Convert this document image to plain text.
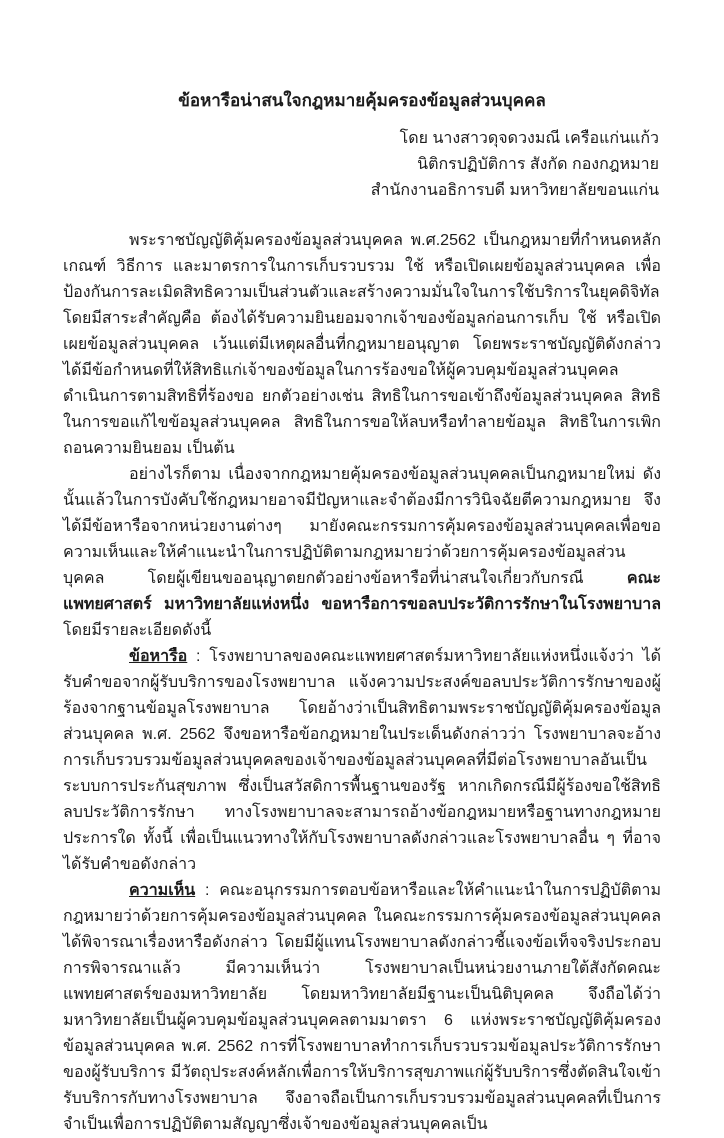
ข้อหารือน่าสนใจกฎหมายคุ้มครองข้อมูลส่วนบุคคล

โดย นางสาวดุจดวงมณี เครือแก่นแก้ว

นิติกรปฏิบัติการ สังกัด กองกฎหมาย

สำนักงานอธิการบดี มหาวิทยาลัยขอนแก่น

พระราชบัญญัติคุ้มครองข้อมูลส่วนบุคคล พ.ศ.2562 เป็นกฎหมายที่กำหนดหลักเกณฑ์ วิธีการ และมาตรการในการเก็บรวบรวม ใช้ หรือเปิดเผยข้อมูลส่วนบุคคล เพื่อป้องกันการละเมิดสิทธิความเป็นส่วนตัวและสร้างความมั่นใจในการใช้บริการในยุคดิจิทัล โดยมีสาระสำคัญคือ ต้องได้รับความยินยอมจากเจ้าของข้อมูลก่อนการเก็บ ใช้ หรือเปิดเผยข้อมูลส่วนบุคคล เว้นแต่มีเหตุผลอื่นที่กฎหมายอนุญาต โดยพระราชบัญญัติดังกล่าวได้มีข้อกำหนดที่ให้สิทธิแก่เจ้าของข้อมูลในการร้องขอให้ผู้ควบคุมข้อมูลส่วนบุคคลดำเนินการตามสิทธิที่ร้องขอ ยกตัวอย่างเช่น สิทธิในการขอเข้าถึงข้อมูลส่วนบุคคล สิทธิในการขอแก้ไขข้อมูลส่วนบุคคล สิทธิในการขอให้ลบหรือทำลายข้อมูล สิทธิในการเพิกถอนความยินยอม เป็นต้น

อย่างไรก็ตาม เนื่องจากกฎหมายคุ้มครองข้อมูลส่วนบุคคลเป็นกฎหมายใหม่ ดังนั้นแล้วในการบังคับใช้กฎหมายอาจมีปัญหาและจำต้องมีการวินิจฉัยตีความกฎหมาย จึงได้มีข้อหารือจากหน่วยงานต่างๆ มายังคณะกรรมการคุ้มครองข้อมูลส่วนบุคคลเพื่อขอความเห็นและให้คำแนะนำในการปฏิบัติตามกฎหมายว่าด้วยการคุ้มครองข้อมูลส่วนบุคคล โดยผู้เขียนขออนุญาตยกตัวอย่างข้อหารือที่น่าสนใจเกี่ยวกับกรณี	คณะแพทยศาสตร์ มหาวิทยาลัยแห่งหนึ่ง ขอหารือการขอลบประวัติการรักษาในโรงพยาบาล โดยมีรายละเอียดดังนี้

ข้อหารือ : โรงพยาบาลของคณะแพทยศาสตร์มหาวิทยาลัยแห่งหนึ่งแจ้งว่า ได้รับคำขอจากผู้รับบริการของโรงพยาบาล แจ้งความประสงค์ขอลบประวัติการรักษาของผู้ร้องจากฐานข้อมูลโรงพยาบาล โดยอ้างว่าเป็นสิทธิตามพระราชบัญญัติคุ้มครองข้อมูลส่วนบุคคล พ.ศ. 2562 จึงขอหารือข้อกฎหมายในประเด็นดังกล่าวว่า โรงพยาบาลจะอ้างการเก็บรวบรวมข้อมูลส่วนบุคคลของเจ้าของข้อมูลส่วนบุคคลที่มีต่อโรงพยาบาลอันเป็นระบบการประกันสุขภาพ ซึ่งเป็นสวัสดิการพื้นฐานของรัฐ หากเกิดกรณีมีผู้ร้องขอใช้สิทธิลบประวัติการรักษา ทางโรงพยาบาลจะสามารถอ้างข้อกฎหมายหรือฐานทางกฎหมายประการใด ทั้งนี้ เพื่อเป็นแนวทางให้กับโรงพยาบาลดังกล่าวและโรงพยาบาลอื่น ๆ ที่อาจได้รับคำขอดังกล่าว

ความเห็น : คณะอนุกรรมการตอบข้อหารือและให้คำแนะนำในการปฏิบัติตามกฎหมายว่าด้วยการคุ้มครองข้อมูลส่วนบุคคล ในคณะกรรมการคุ้มครองข้อมูลส่วนบุคคลได้พิจารณาเรื่องหารือดังกล่าว โดยมีผู้แทนโรงพยาบาลดังกล่าวชี้แจงข้อเท็จจริงประกอบการพิจารณาแล้ว มีความเห็นว่า โรงพยาบาลเป็นหน่วยงานภายใต้สังกัดคณะแพทยศาสตร์ของมหาวิทยาลัย โดยมหาวิทยาลัยมีฐานะเป็นนิติบุคคล จึงถือได้ว่ามหาวิทยาลัยเป็นผู้ควบคุมข้อมูลส่วนบุคคลตามมาตรา 6 แห่งพระราชบัญญัติคุ้มครองข้อมูลส่วนบุคคล พ.ศ. 2562 การที่โรงพยาบาลทำการเก็บรวบรวมข้อมูลประวัติการรักษาของผู้รับบริการ มีวัตถุประสงค์หลักเพื่อการให้บริการสุขภาพแก่ผู้รับบริการซึ่งตัดสินใจเข้ารับบริการกับทางโรงพยาบาล จึงอาจถือเป็นการเก็บรวบรวมข้อมูลส่วนบุคคลที่เป็นการจำเป็นเพื่อการปฏิบัติตามสัญญาซึ่งเจ้าของข้อมูลส่วนบุคคลเป็น
